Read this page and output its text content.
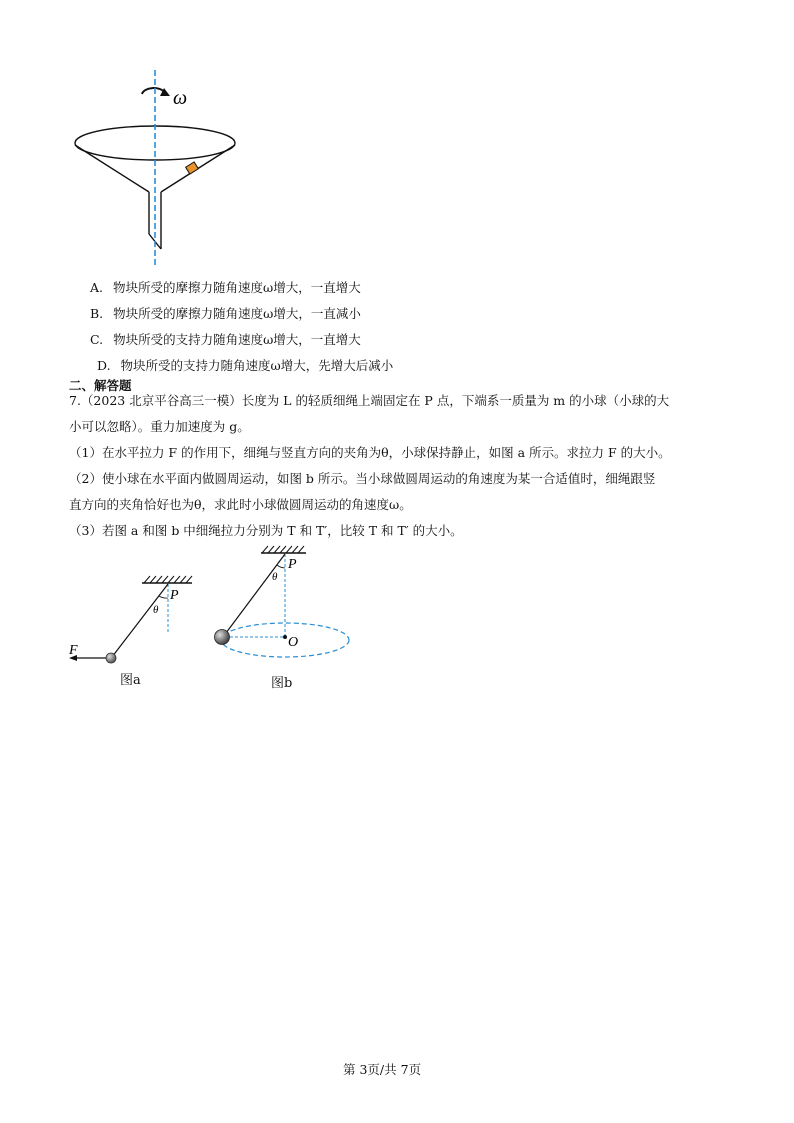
ω
A. 物块所受的摩擦力随角速度ω增大，一直增大
B. 物块所受的摩擦力随角速度ω增大，一直减小
C. 物块所受的支持力随角速度ω增大，一直增大
D. 物块所受的支持力随角速度ω增大，先增大后减小
二、解答题
7.（2023 北京平谷高三一模）长度为 L 的轻质细绳上端固定在 P 点，下端系一质量为 m 的小球（小球的大
小可以忽略）。重力加速度为 g。
（1）在水平拉力 F 的作用下，细绳与竖直方向的夹角为θ，小球保持静止，如图 a 所示。求拉力 F 的大小。
（2）使小球在水平面内做圆周运动，如图 b 所示。当小球做圆周运动的角速度为某一合适值时，细绳跟竖
直方向的夹角恰好也为θ，求此时小球做圆周运动的角速度ω。
（3）若图 a 和图 b 中细绳拉力分别为 T 和 T′，比较 T 和 T′ 的大小。
θ
P
F
图a
θ
P
O
图b
第 3页/共 7页
